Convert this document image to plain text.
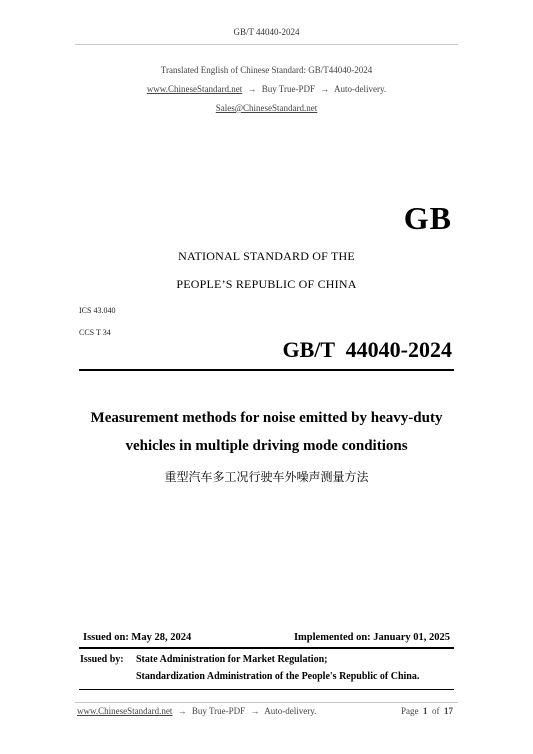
GB/T 44040-2024
Translated English of Chinese Standard: GB/T44040-2024
www.ChineseStandard.net → Buy True-PDF → Auto-delivery.
Sales@ChineseStandard.net
GB
NATIONAL STANDARD OF THE
PEOPLE’S REPUBLIC OF CHINA
ICS 43.040
CCS T 34
GB/T  44040-2024
Measurement methods for noise emitted by heavy-duty
vehicles in multiple driving mode conditions
重型汽车多工况行驶车外噪声测量方法
Issued on: May 28, 2024	Implemented on: January 01, 2025
Issued by: State Administration for Market Regulation;
Standardization Administration of the People's Republic of China.
www.ChineseStandard.net → Buy True-PDF → Auto-delivery.	Page 1 of 17
